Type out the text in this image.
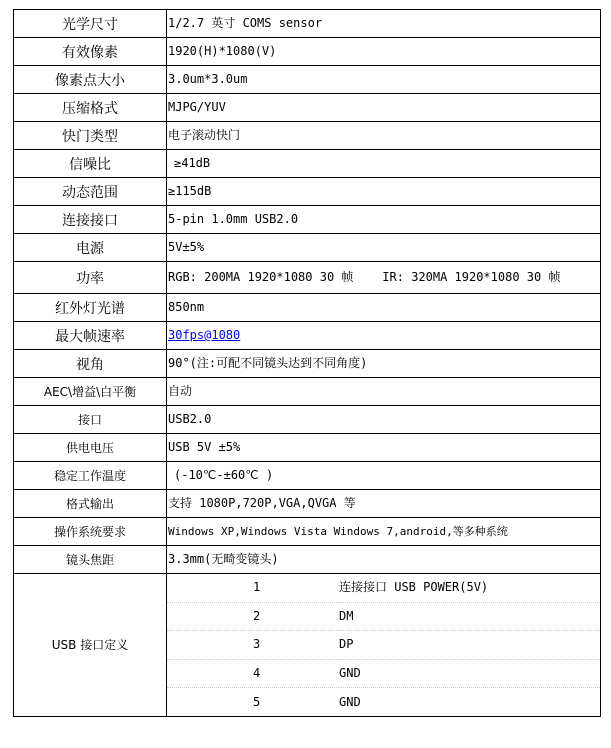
光学尺寸	1/2.7 英寸 COMS sensor
有效像素	1920(H)*1080(V)
像素点大小	3.0um*3.0um
压缩格式	MJPG/YUV
快门类型	电子滚动快门
信噪比	≥41dB
动态范围	≥115dB
连接接口	5-pin 1.0mm USB2.0
电源	5V±5%
功率	RGB: 200MA 1920*1080 30 帧    IR: 320MA 1920*1080 30 帧
红外灯光谱	850nm
最大帧速率	30fps@1080
视角	90°(注:可配不同镜头达到不同角度)
AEC\增益\白平衡	自动
接口	USB2.0
供电电压	USB 5V ±5%
稳定工作温度	(-10℃-±60℃ )
格式输出	支持 1080P,720P,VGA,QVGA 等
操作系统要求	Windows XP,Windows Vista Windows 7,android,等多种系统
镜头焦距	3.3mm(无畸变镜头)
USB 接口定义	
1	连接接口 USB POWER(5V)
2	DM
3	DP
4	GND
5	GND
